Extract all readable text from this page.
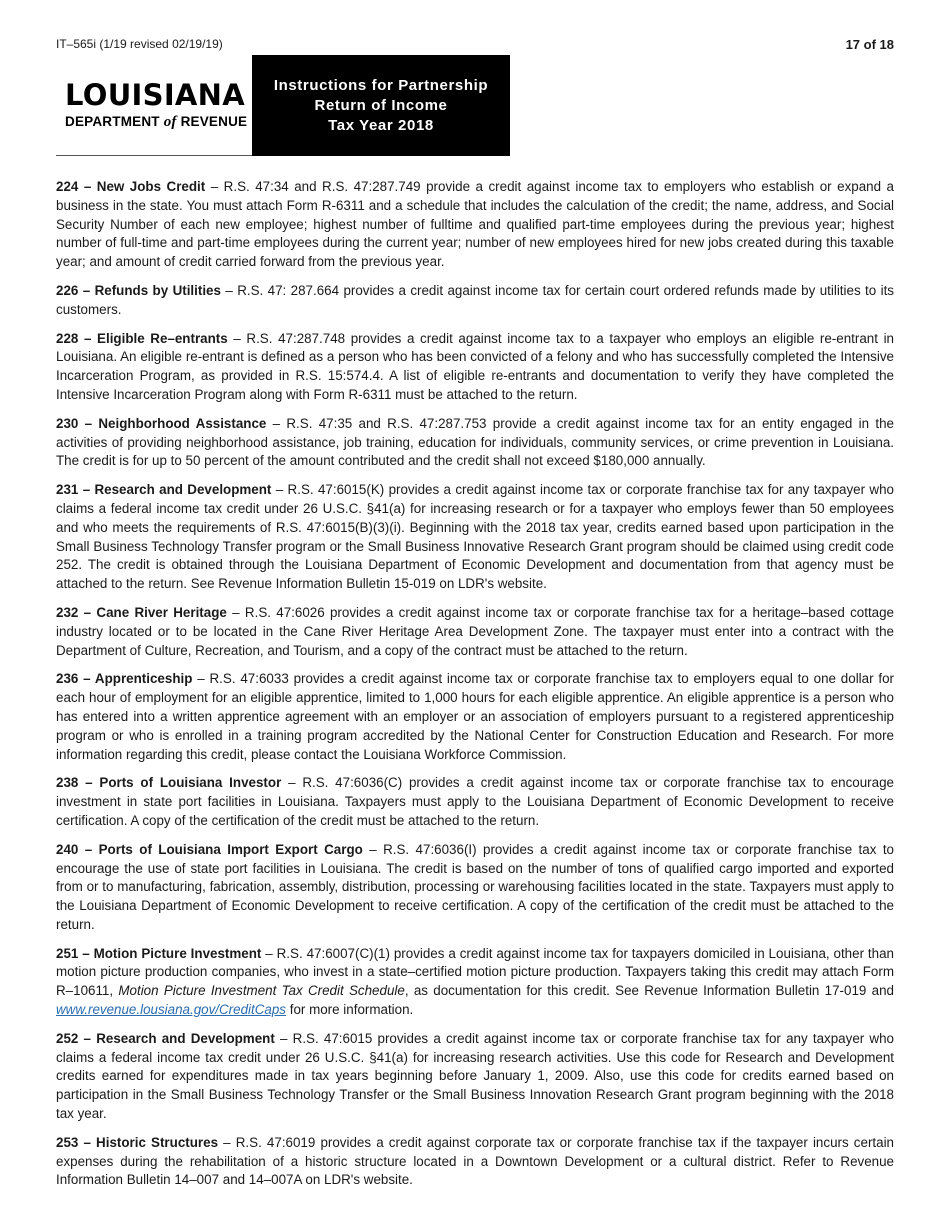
IT–565i (1/19 revised 02/19/19)	17 of 18
LOUISIANA
DEPARTMENT of REVENUE
Instructions for Partnership
Return of Income
Tax Year 2018

224 – New Jobs Credit – R.S. 47:34 and R.S. 47:287.749 provide a credit against income tax to employers who establish or expand a business in the state. You must attach Form R-6311 and a schedule that includes the calculation of the credit; the name, address, and Social Security Number of each new employee; highest number of fulltime and qualified part-time employees during the previous year; highest number of full-time and part-time employees during the current year; number of new employees hired for new jobs created during this taxable year; and amount of credit carried forward from the previous year.

226 – Refunds by Utilities – R.S. 47: 287.664 provides a credit against income tax for certain court ordered refunds made by utilities to its customers.

228 – Eligible Re–entrants – R.S. 47:287.748 provides a credit against income tax to a taxpayer who employs an eligible re-entrant in Louisiana. An eligible re-entrant is defined as a person who has been convicted of a felony and who has successfully completed the Intensive Incarceration Program, as provided in R.S. 15:574.4. A list of eligible re-entrants and documentation to verify they have completed the Intensive Incarceration Program along with Form R-6311 must be attached to the return.

230 – Neighborhood Assistance – R.S. 47:35 and R.S. 47:287.753 provide a credit against income tax for an entity engaged in the activities of providing neighborhood assistance, job training, education for individuals, community services, or crime prevention in Louisiana. The credit is for up to 50 percent of the amount contributed and the credit shall not exceed $180,000 annually.

231 – Research and Development – R.S. 47:6015(K) provides a credit against income tax or corporate franchise tax for any taxpayer who claims a federal income tax credit under 26 U.S.C. §41(a) for increasing research or for a taxpayer who employs fewer than 50 employees and who meets the requirements of R.S. 47:6015(B)(3)(i). Beginning with the 2018 tax year, credits earned based upon participation in the Small Business Technology Transfer program or the Small Business Innovative Research Grant program should be claimed using credit code 252. The credit is obtained through the Louisiana Department of Economic Development and documentation from that agency must be attached to the return. See Revenue Information Bulletin 15-019 on LDR's website.

232 – Cane River Heritage – R.S. 47:6026 provides a credit against income tax or corporate franchise tax for a heritage–based cottage industry located or to be located in the Cane River Heritage Area Development Zone. The taxpayer must enter into a contract with the Department of Culture, Recreation, and Tourism, and a copy of the contract must be attached to the return.

236 – Apprenticeship – R.S. 47:6033 provides a credit against income tax or corporate franchise tax to employers equal to one dollar for each hour of employment for an eligible apprentice, limited to 1,000 hours for each eligible apprentice. An eligible apprentice is a person who has entered into a written apprentice agreement with an employer or an association of employers pursuant to a registered apprenticeship program or who is enrolled in a training program accredited by the National Center for Construction Education and Research. For more information regarding this credit, please contact the Louisiana Workforce Commission.

238 – Ports of Louisiana Investor – R.S. 47:6036(C) provides a credit against income tax or corporate franchise tax to encourage investment in state port facilities in Louisiana. Taxpayers must apply to the Louisiana Department of Economic Development to receive certification. A copy of the certification of the credit must be attached to the return.

240 – Ports of Louisiana Import Export Cargo – R.S. 47:6036(I) provides a credit against income tax or corporate franchise tax to encourage the use of state port facilities in Louisiana. The credit is based on the number of tons of qualified cargo imported and exported from or to manufacturing, fabrication, assembly, distribution, processing or warehousing facilities located in the state. Taxpayers must apply to the Louisiana Department of Economic Development to receive certification. A copy of the certification of the credit must be attached to the return.

251 – Motion Picture Investment – R.S. 47:6007(C)(1) provides a credit against income tax for taxpayers domiciled in Louisiana, other than motion picture production companies, who invest in a state–certified motion picture production. Taxpayers taking this credit may attach Form R–10611, Motion Picture Investment Tax Credit Schedule, as documentation for this credit. See Revenue Information Bulletin 17-019 and www.revenue.lousiana.gov/CreditCaps for more information.

252 – Research and Development – R.S. 47:6015 provides a credit against income tax or corporate franchise tax for any taxpayer who claims a federal income tax credit under 26 U.S.C. §41(a) for increasing research activities. Use this code for Research and Development credits earned for expenditures made in tax years beginning before January 1, 2009. Also, use this code for credits earned based on participation in the Small Business Technology Transfer or the Small Business Innovation Research Grant program beginning with the 2018 tax year.

253 – Historic Structures – R.S. 47:6019 provides a credit against corporate tax or corporate franchise tax if the taxpayer incurs certain expenses during the rehabilitation of a historic structure located in a Downtown Development or a cultural district. Refer to Revenue Information Bulletin 14–007 and 14–007A on LDR's website.
